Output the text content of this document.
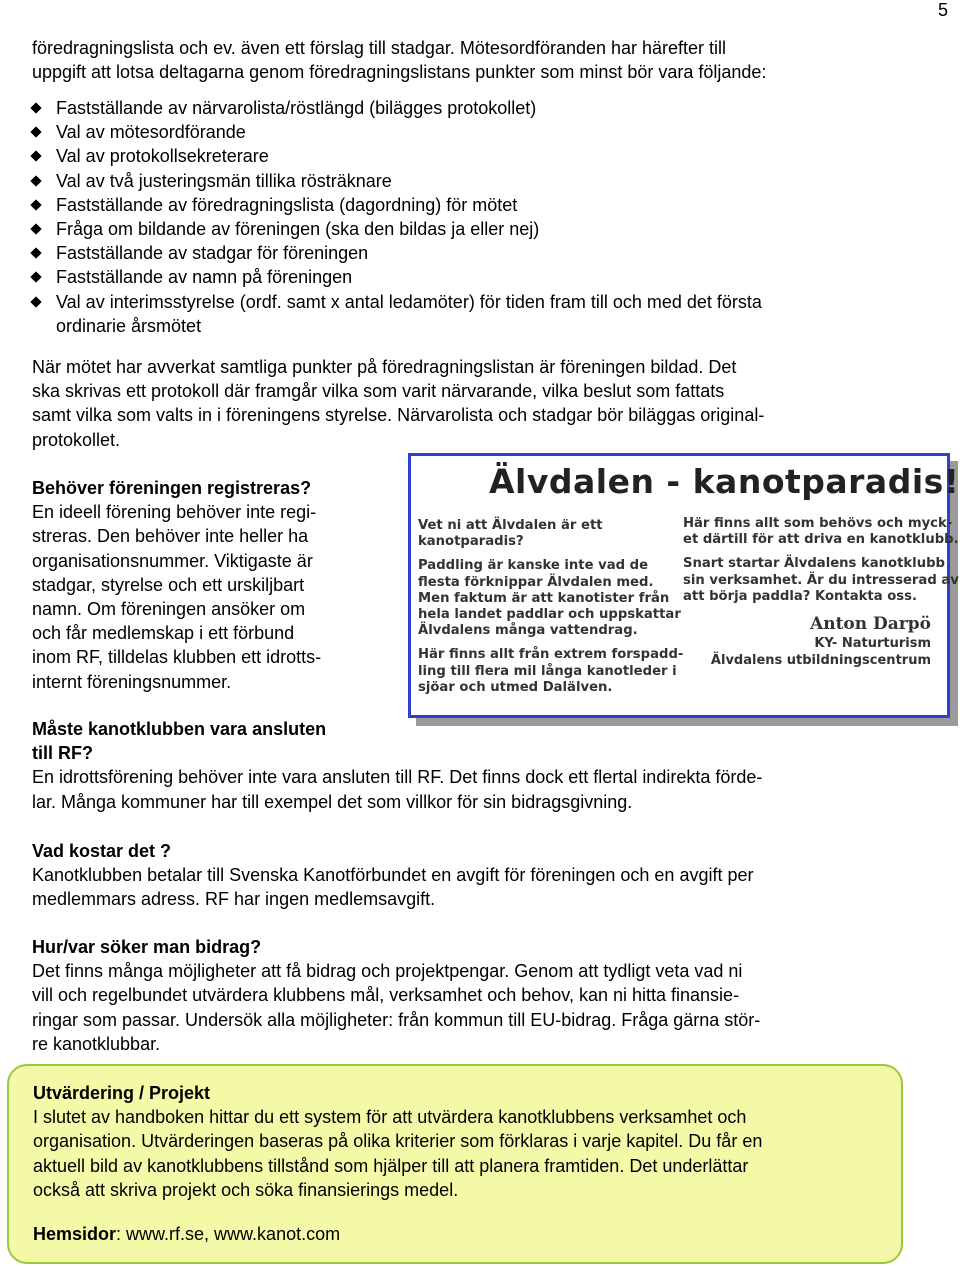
5

föredragningslista och ev. även ett förslag till stadgar. Mötesordföranden har härefter till
uppgift att lotsa deltagarna genom föredragningslistans punkter som minst bör vara följande:

Fastställande av närvarolista/röstlängd (bilägges protokollet)
Val av mötesordförande
Val av protokollsekreterare
Val av två justeringsmän tillika rösträknare
Fastställande av föredragningslista (dagordning) för mötet
Fråga om bildande av föreningen (ska den bildas ja eller nej)
Fastställande av stadgar för föreningen
Fastställande av namn på föreningen
Val av interimsstyrelse (ordf. samt x antal ledamöter) för tiden fram till och med det första
ordinarie årsmötet

När mötet har avverkat samtliga punkter på föredragningslistan är föreningen bildad. Det
ska skrivas ett protokoll där framgår vilka som varit närvarande, vilka beslut som fattats
samt vilka som valts in i föreningens styrelse. Närvarolista och stadgar bör biläggas original-
protokollet.

Behöver föreningen registreras?
En ideell förening behöver inte regi-
streras. Den behöver inte heller ha
organisationsnummer. Viktigaste är
stadgar, styrelse och ett urskiljbart
namn. Om föreningen ansöker om
och får medlemskap i ett förbund
inom RF, tilldelas klubben ett idrotts-
internt föreningsnummer.

Älvdalen - kanotparadis!

Vet ni att Älvdalen är ett
kanotparadis?

Paddling är kanske inte vad de
flesta förknippar Älvdalen med.
Men faktum är att kanotister från
hela landet paddlar och uppskattar
Älvdalens många vattendrag.

Här finns allt från extrem forspadd-
ling till flera mil långa kanotleder i
sjöar och utmed Dalälven.

Här finns allt som behövs och myck-
et därtill för att driva en kanotklubb.

Snart startar Älvdalens kanotklubb
sin verksamhet. Är du intresserad av
att börja paddla? Kontakta oss.

Anton Darpö
KY- Naturturism
Älvdalens utbildningscentrum

Måste kanotklubben vara ansluten
till RF?
En idrottsförening behöver inte vara ansluten till RF. Det finns dock ett flertal indirekta förde-
lar. Många kommuner har till exempel det som villkor för sin bidragsgivning.

Vad kostar det ?
Kanotklubben betalar till Svenska Kanotförbundet en avgift för föreningen och en avgift per
medlemmars adress. RF har ingen medlemsavgift.

Hur/var söker man bidrag?
Det finns många möjligheter att få bidrag och projektpengar. Genom att tydligt veta vad ni
vill och regelbundet utvärdera klubbens mål, verksamhet och behov, kan ni hitta finansie-
ringar som passar. Undersök alla möjligheter: från kommun till EU-bidrag. Fråga gärna stör-
re kanotklubbar.

Utvärdering / Projekt
I slutet av handboken hittar du ett system för att utvärdera kanotklubbens verksamhet och
organisation. Utvärderingen baseras på olika kriterier som förklaras i varje kapitel. Du får en
aktuell bild av kanotklubbens tillstånd som hjälper till att planera framtiden. Det underlättar
också att skriva projekt och söka finansierings medel.

Hemsidor: www.rf.se, www.kanot.com
